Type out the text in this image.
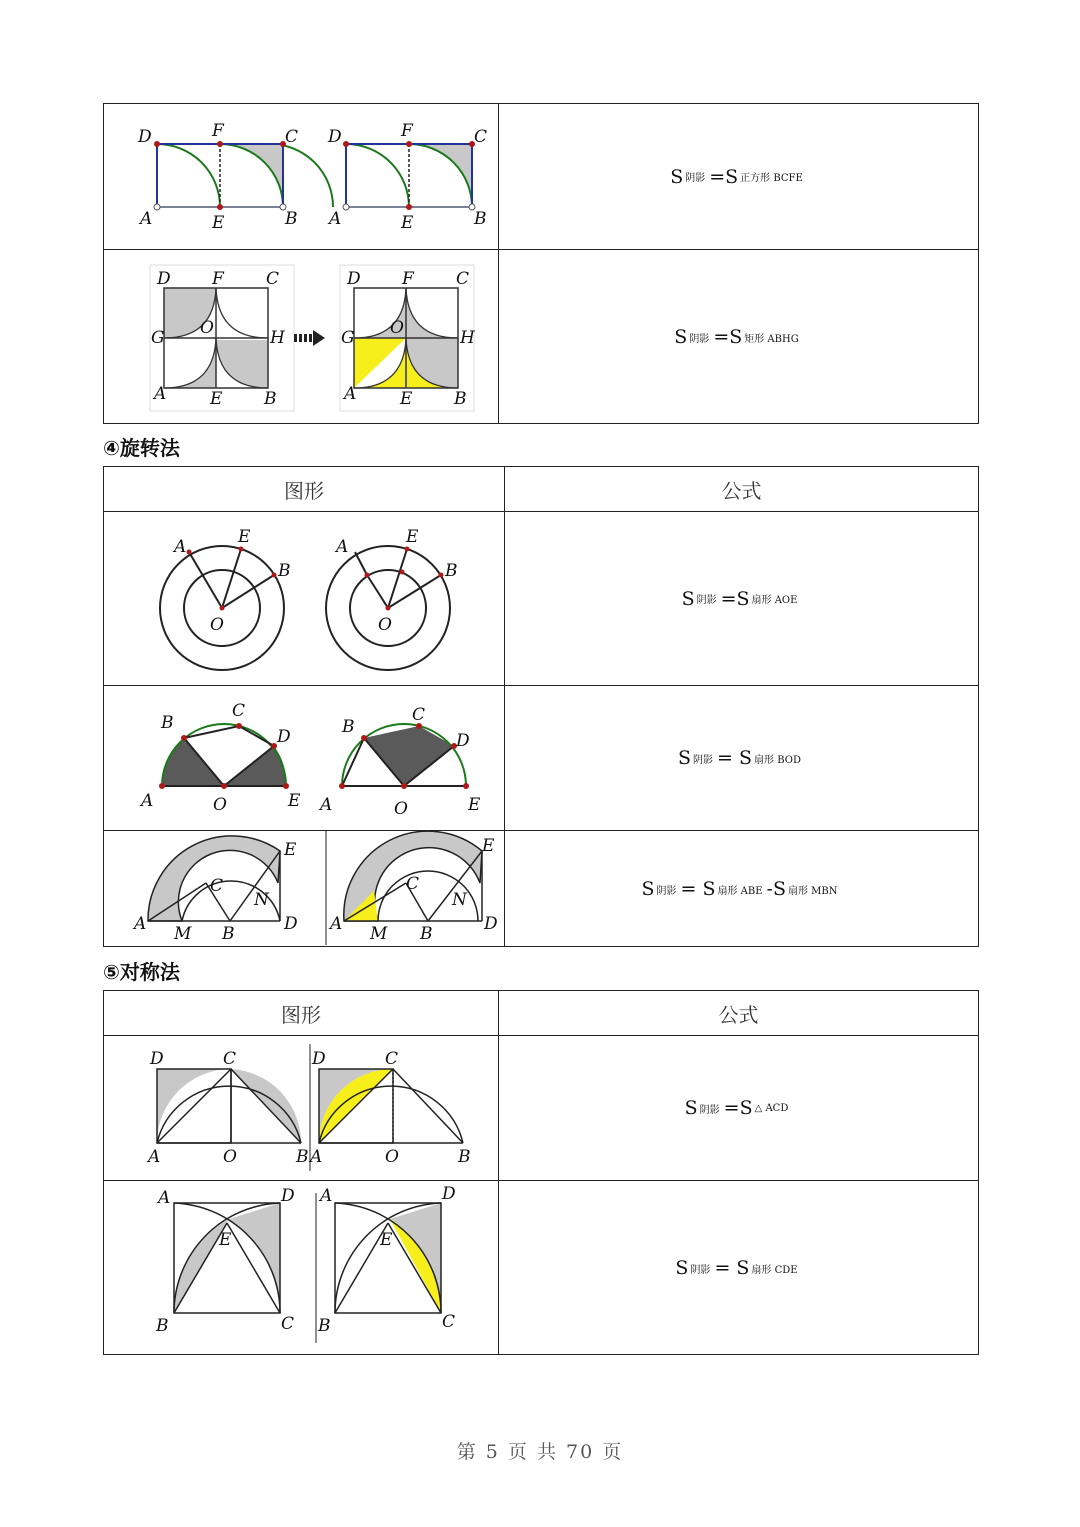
D	F	C
A	E	B
D	F	C
A	E	B
S 阴影 =S 正方形 BCFE
D F C
G O	H
A	E B
D F C
G O	H
A	E B
S 阴影 =S 矩形 ABHG
④旋转法
图形	公式
A	E
B
O
A	E
B
O
S 阴影 =S 扇形 AOE
B
C
D
A	O	E
B
C
D
A	O	E
S 阴影 = S 扇形 BOD
E
C
N
A M B	D
E
C
N
A M B	D
S 阴影 = S 扇形 ABE -S 扇形 MBN
⑤对称法
图形	公式
D	C
A	O	B
D	C
A	O	B
S 阴影 =S △ ACD
A	D
E
B	C
A	D
E
B	C
S 阴影 = S 扇形 CDE
第 5 页 共 70 页
